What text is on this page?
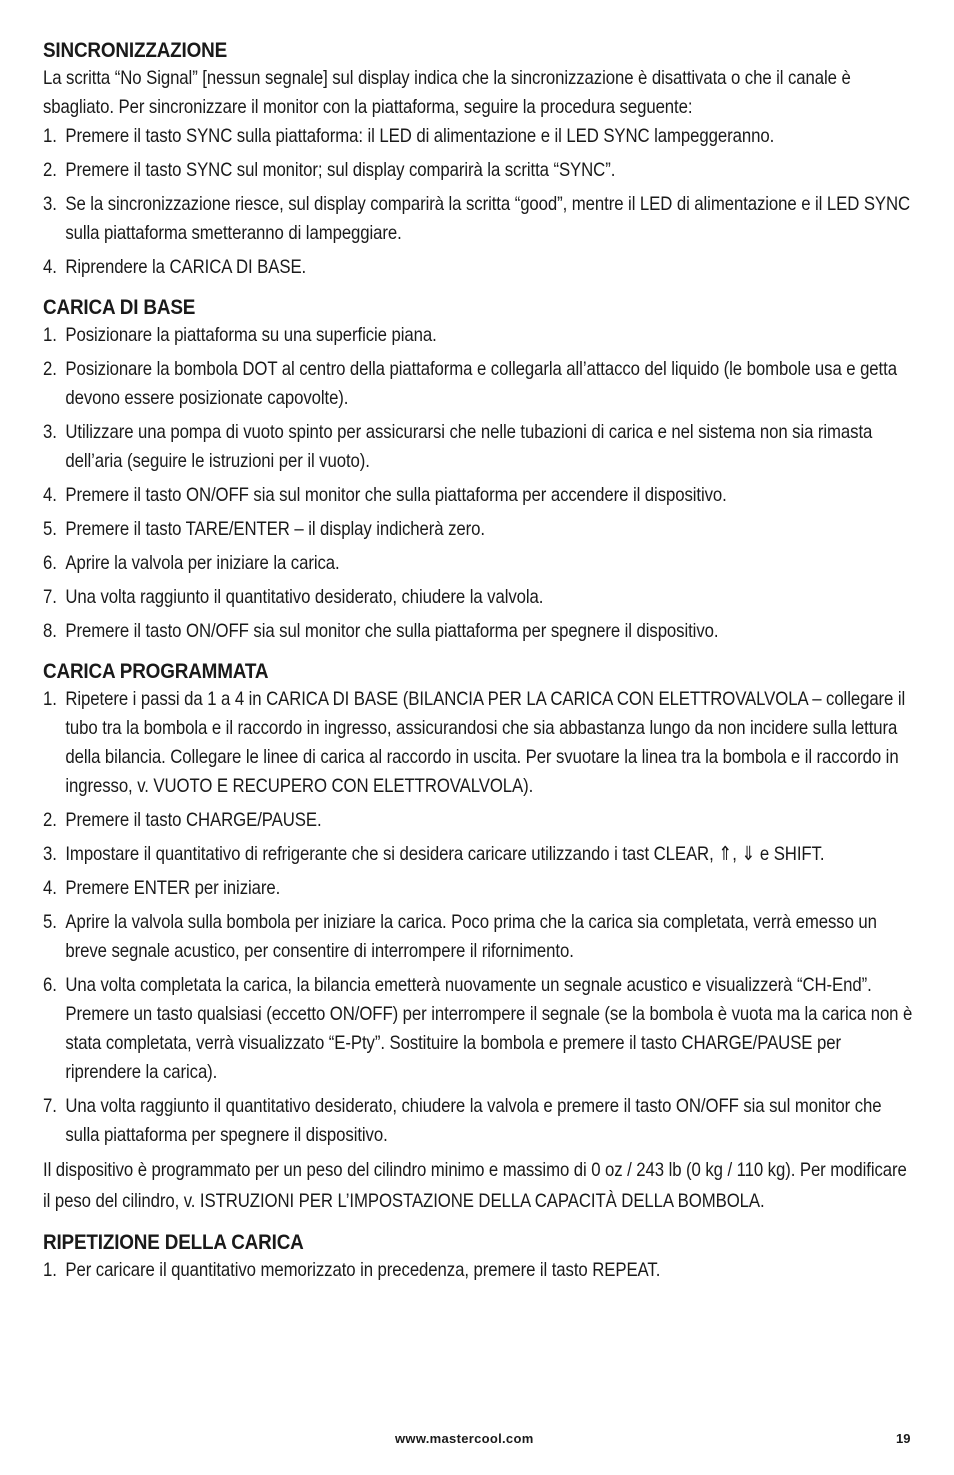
SINCRONIZZAZIONE

La scritta “No Signal” [nessun segnale] sul display indica che la sincronizzazione è disattivata o che il canale è sbagliato. Per sincronizzare il monitor con la piattaforma, seguire la procedura seguente:

1. Premere il tasto SYNC sulla piattaforma: il LED di alimentazione e il LED SYNC lampeggeranno.
2. Premere il tasto SYNC sul monitor; sul display comparirà la scritta “SYNC”.
3. Se la sincronizzazione riesce, sul display comparirà la scritta “good”, mentre il LED di alimentazione e il LED SYNC sulla piattaforma smetteranno di lampeggiare.
4. Riprendere la CARICA DI BASE.
CARICA DI BASE
1. Posizionare la piattaforma su una superficie piana.
2. Posizionare la bombola DOT al centro della piattaforma e collegarla all’attacco del liquido (le bombole usa e getta devono essere posizionate capovolte).
3. Utilizzare una pompa di vuoto spinto per assicurarsi che nelle tubazioni di carica e nel sistema non sia rimasta dell’aria (seguire le istruzioni per il vuoto).
4. Premere il tasto ON/OFF sia sul monitor che sulla piattaforma per accendere il dispositivo.
5. Premere il tasto TARE/ENTER – il display indicherà zero.
6. Aprire la valvola per iniziare la carica.
7. Una volta raggiunto il quantitativo desiderato, chiudere la valvola.
8. Premere il tasto ON/OFF sia sul monitor che sulla piattaforma per spegnere il dispositivo.
CARICA PROGRAMMATA
1. Ripetere i passi da 1 a 4 in CARICA DI BASE (BILANCIA PER LA CARICA CON ELETTROVALVOLA – collegare il tubo tra la bombola e il raccordo in ingresso, assicurandosi che sia abbastanza lungo da non incidere sulla lettura della bilancia. Collegare le linee di carica al raccordo in uscita. Per svuotare la linea tra la bombola e il raccordo in ingresso, v. VUOTO E RECUPERO CON ELETTROVALVOLA).
2. Premere il tasto CHARGE/PAUSE.
3. Impostare il quantitativo di refrigerante che si desidera caricare utilizzando i tast CLEAR, ⇑, ⇓ e SHIFT.
4. Premere ENTER per iniziare.
5. Aprire la valvola sulla bombola per iniziare la carica. Poco prima che la carica sia completata, verrà emesso un breve segnale acustico, per consentire di interrompere il rifornimento.
6. Una volta completata la carica, la bilancia emetterà nuovamente un segnale acustico e visualizzerà “CH-End”. Premere un tasto qualsiasi (eccetto ON/OFF) per interrompere il segnale (se la bombola è vuota ma la carica non è stata completata, verrà visualizzato “E-Pty”. Sostituire la bombola e premere il tasto CHARGE/PAUSE per riprendere la carica).
7. Una volta raggiunto il quantitativo desiderato, chiudere la valvola e premere il tasto ON/OFF sia sul monitor che sulla piattaforma per spegnere il dispositivo.

Il dispositivo è programmato per un peso del cilindro minimo e massimo di 0 oz / 243 lb (0 kg / 110 kg). Per modificare il peso del cilindro, v. ISTRUZIONI PER L’IMPOSTAZIONE DELLA CAPACITÀ DELLA BOMBOLA.

RIPETIZIONE DELLA CARICA
1. Per caricare il quantitativo memorizzato in precedenza, premere il tasto REPEAT.
www.mastercool.com	19
